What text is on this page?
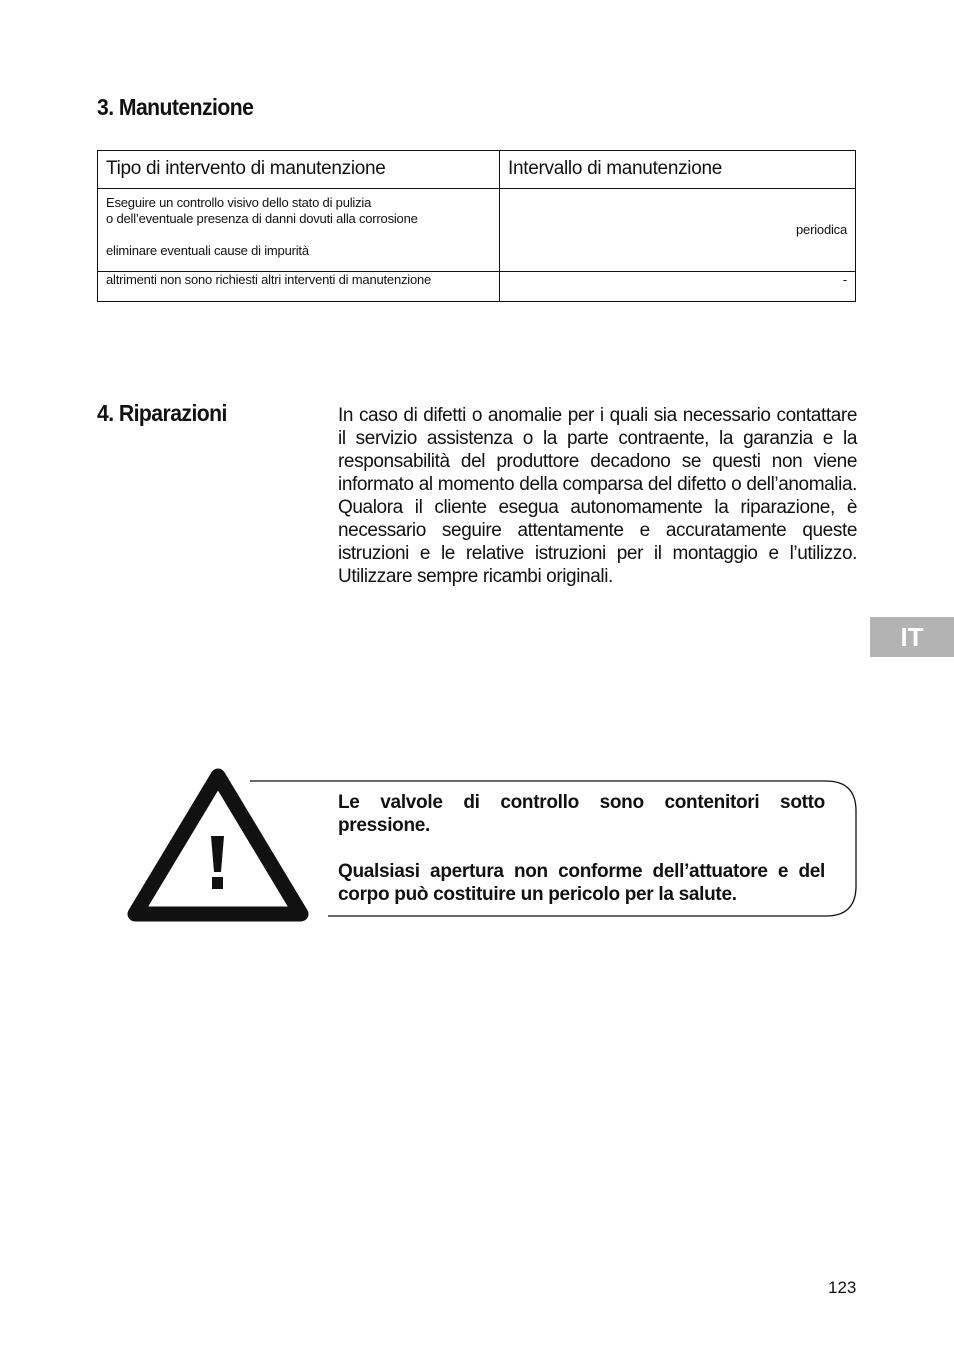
3. Manutenzione
Tipo di intervento di manutenzione	Intervallo di manutenzione

Eseguire un controllo visivo dello stato di pulizia
o dell’eventuale presenza di danni dovuti alla corrosione
eliminare eventuali cause di impurità	periodica
altrimenti non sono richiesti altri interventi di manutenzione	-
4. Riparazioni	In caso di difetti o anomalie per i quali sia necessario contattare il servizio assistenza o la parte contraente, la garanzia e la responsabilità del produttore decadono se questi non viene informato al momento della comparsa del difetto o dell’anomalia. Qualora il cliente esegua autonomamente la riparazione, è necessario seguire attentamente e accuratamente queste istruzioni e le relative istruzioni per il montaggio e l’utilizzo. Utilizzare sempre ricambi originali.

IT

Le valvole di controllo sono contenitori sotto pressione.

Qualsiasi apertura non conforme dell’attuatore e del corpo può costituire un pericolo per la salute.

123
